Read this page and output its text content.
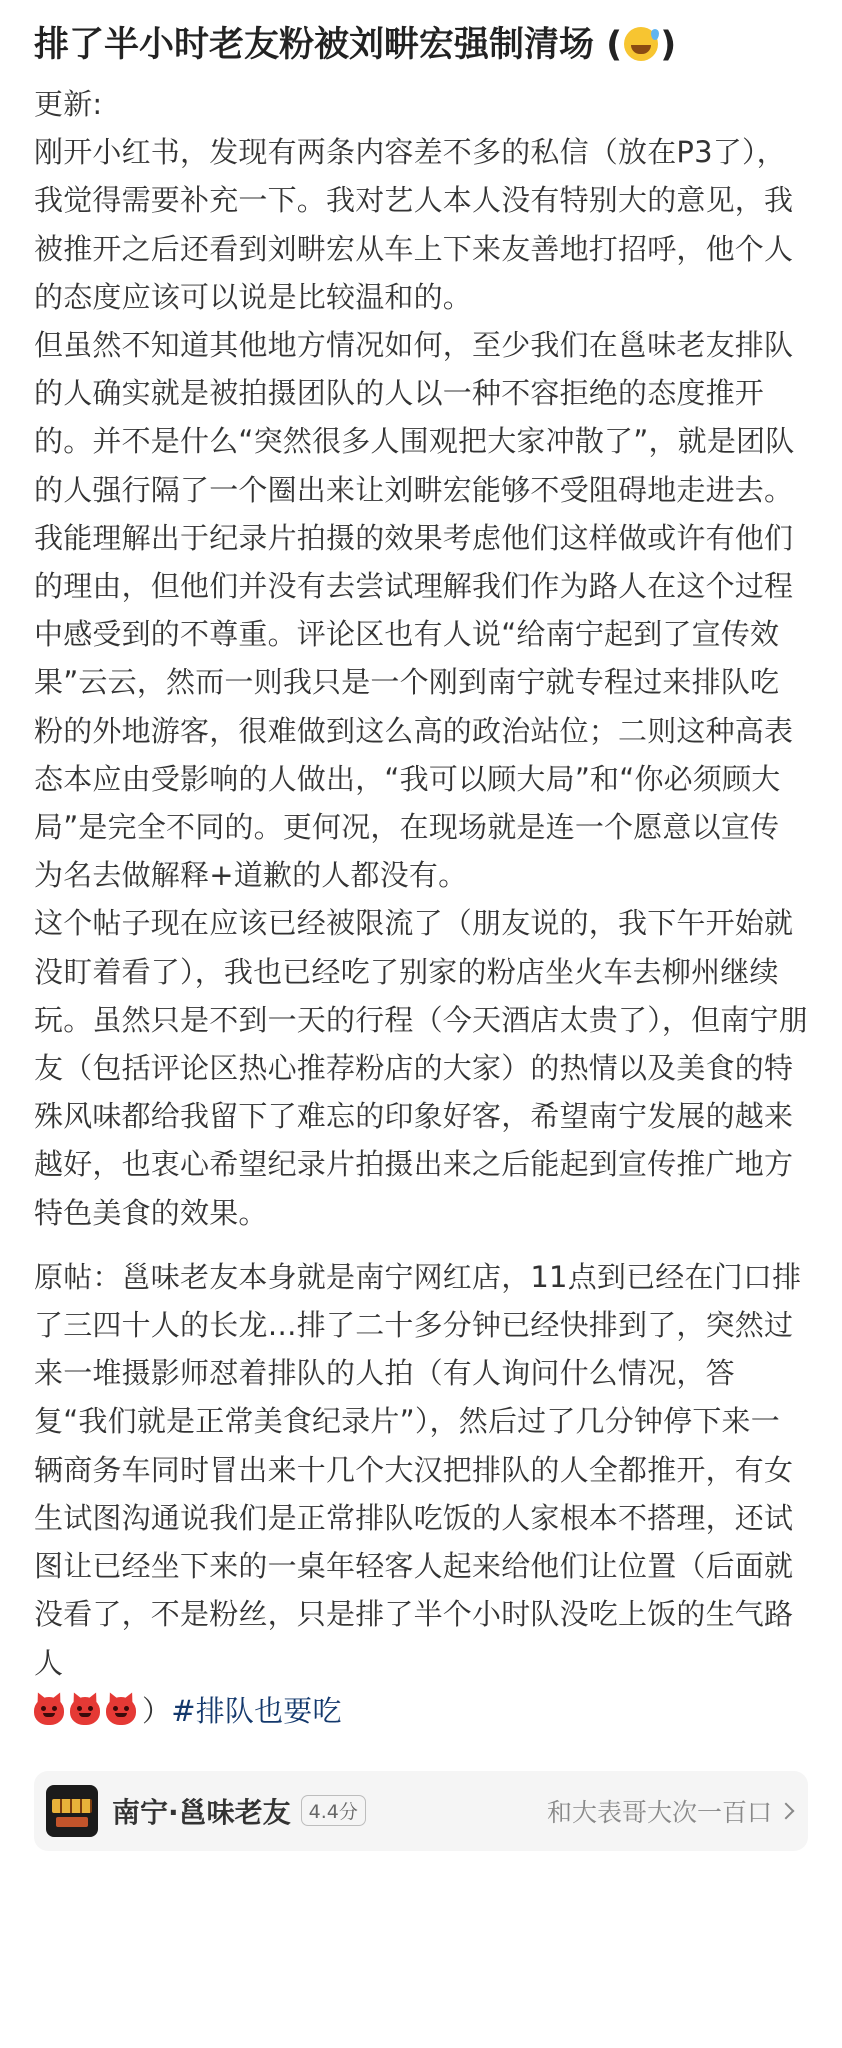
排了半小时老友粉被刘畊宏强制清场 ( )

更新:

刚开小红书，发现有两条内容差不多的私信（放在P3了），我觉得需要补充一下。我对艺人本人没有特别大的意见，我被推开之后还看到刘畊宏从车上下来友善地打招呼，他个人的态度应该可以说是比较温和的。

但虽然不知道其他地方情况如何，至少我们在邕味老友排队的人确实就是被拍摄团队的人以一种不容拒绝的态度推开的。并不是什么“突然很多人围观把大家冲散了”，就是团队的人强行隔了一个圈出来让刘畊宏能够不受阻碍地走进去。

我能理解出于纪录片拍摄的效果考虑他们这样做或许有他们的理由，但他们并没有去尝试理解我们作为路人在这个过程中感受到的不尊重。评论区也有人说“给南宁起到了宣传效果”云云，然而一则我只是一个刚到南宁就专程过来排队吃粉的外地游客，很难做到这么高的政治站位；二则这种高表态本应由受影响的人做出，“我可以顾大局”和“你必须顾大局”是完全不同的。更何况，在现场就是连一个愿意以宣传为名去做解释+道歉的人都没有。

这个帖子现在应该已经被限流了（朋友说的，我下午开始就没盯着看了），我也已经吃了别家的粉店坐火车去柳州继续玩。虽然只是不到一天的行程（今天酒店太贵了），但南宁朋友（包括评论区热心推荐粉店的大家）的热情以及美食的特殊风味都给我留下了难忘的印象好客，希望南宁发展的越来越好，也衷心希望纪录片拍摄出来之后能起到宣传推广地方特色美食的效果。

原帖：邕味老友本身就是南宁网红店，11点到已经在门口排了三四十人的长龙…排了二十多分钟已经快排到了，突然过来一堆摄影师怼着排队的人拍（有人询问什么情况，答复“我们就是正常美食纪录片”），然后过了几分钟停下来一辆商务车同时冒出来十几个大汉把排队的人全都推开，有女生试图沟通说我们是正常排队吃饭的人家根本不搭理，还试图让已经坐下来的一桌年轻客人起来给他们让位置（后面就没看了，不是粉丝，只是排了半个小时队没吃上饭的生气路人

）#排队也要吃

南宁·邕味老友 4.4分	和大表哥大次一百口
